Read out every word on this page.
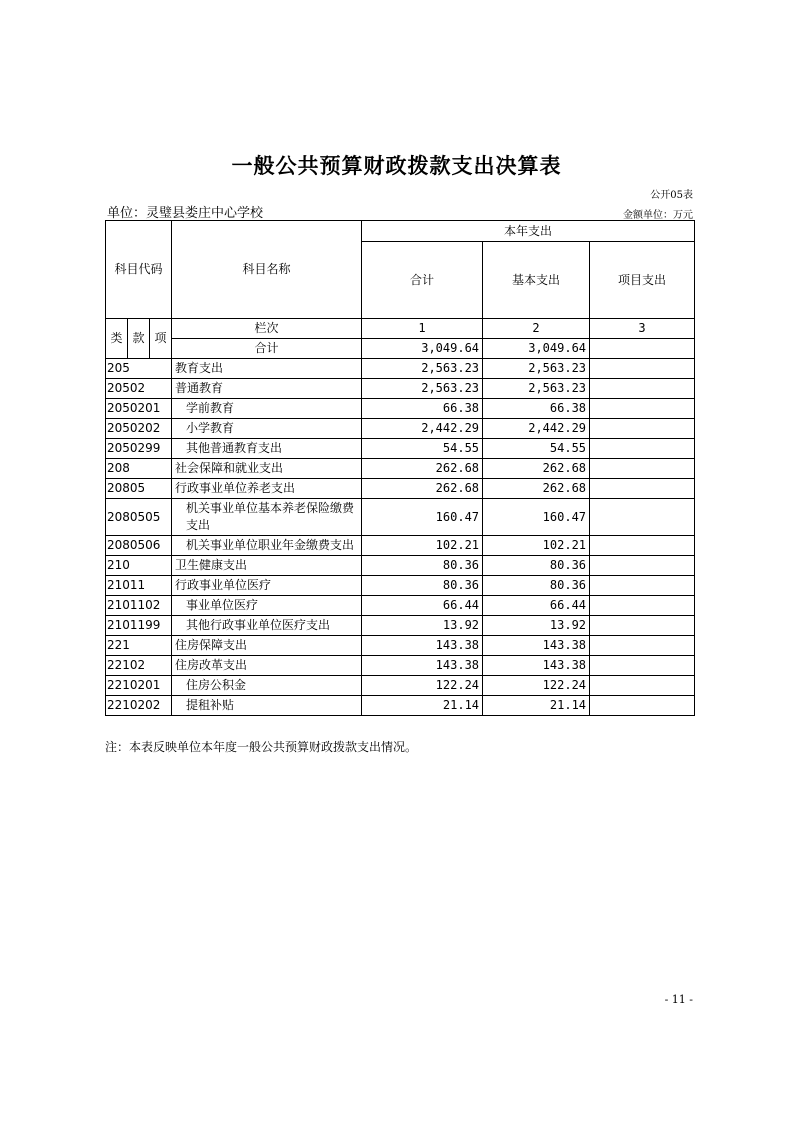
一般公共预算财政拨款支出决算表
公开05表
单位：灵璧县娄庄中心学校	金额单位：万元
科目代码			科目名称	本年支出		
				合计	基本支出	项目支出
类	款	项	栏次	1	2	3
			合计	3,049.64	3,049.64	
205			教育支出	2,563.23	2,563.23	
20502			普通教育	2,563.23	2,563.23	
2050201			学前教育	66.38	66.38	
2050202			小学教育	2,442.29	2,442.29	
2050299			其他普通教育支出	54.55	54.55	
208			社会保障和就业支出	262.68	262.68	
20805			行政事业单位养老支出	262.68	262.68	
2080505			机关事业单位基本养老保险缴费支出	160.47	160.47	
2080506			机关事业单位职业年金缴费支出	102.21	102.21	
210			卫生健康支出	80.36	80.36	
21011			行政事业单位医疗	80.36	80.36	
2101102			事业单位医疗	66.44	66.44	
2101199			其他行政事业单位医疗支出	13.92	13.92	
221			住房保障支出	143.38	143.38	
22102			住房改革支出	143.38	143.38	
2210201			住房公积金	122.24	122.24	
2210202			提租补贴	21.14	21.14	
注：本表反映单位本年度一般公共预算财政拨款支出情况。
- 11 -
